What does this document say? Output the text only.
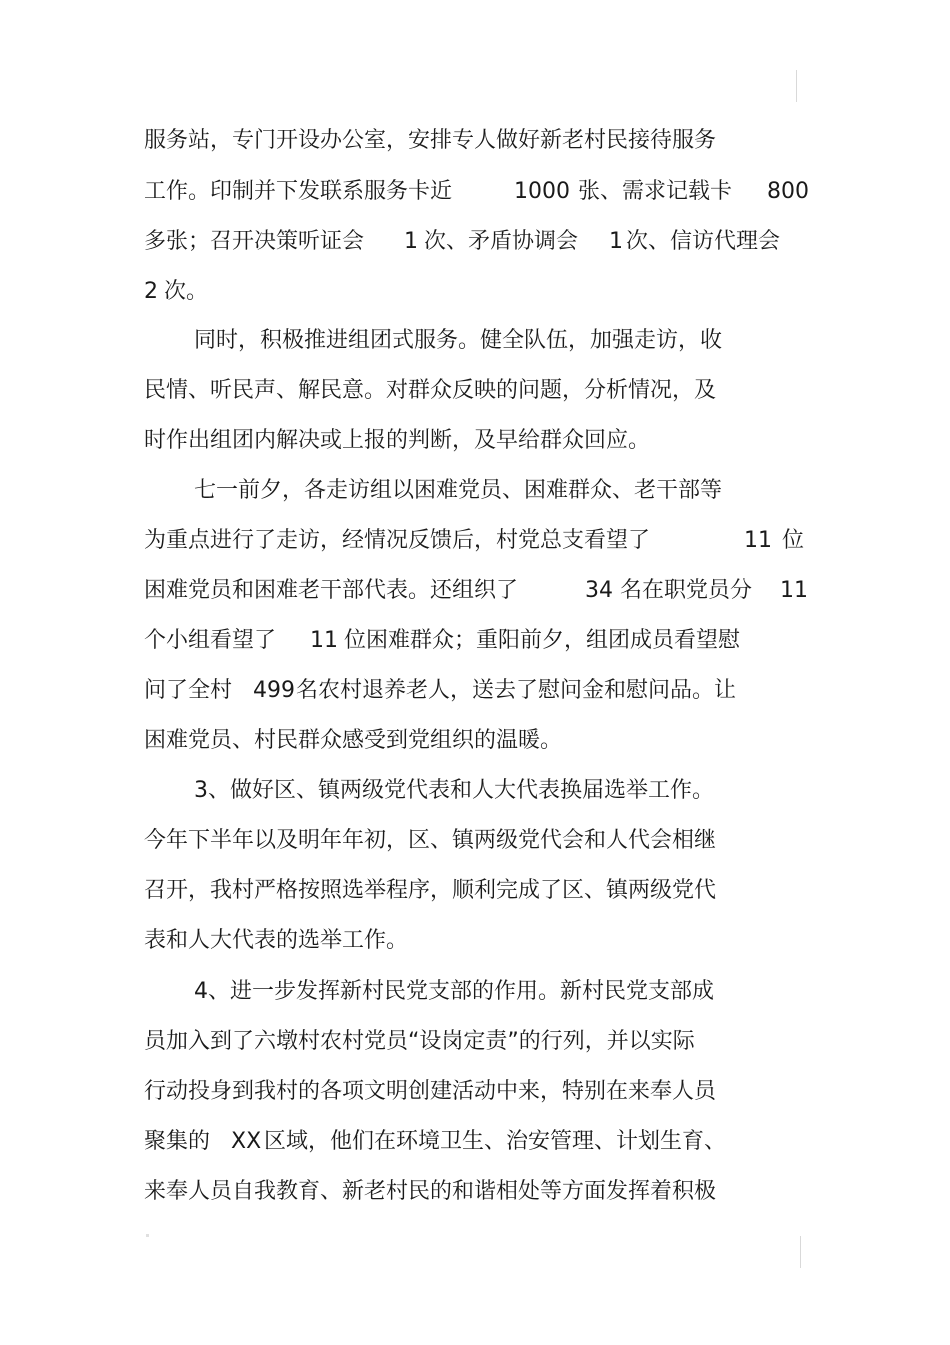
服务站，专门开设办公室，安排专人做好新老村民接待服务
工作。印制并下发联系服务卡近	1000 张、需求记载卡 800
多张；召开决策听证会 1 次、矛盾协调会 1 次、信访代理会
2 次。
同时，积极推进组团式服务。健全队伍，加强走访，收
民情、听民声、解民意。对群众反映的问题，分析情况，及
时作出组团内解决或上报的判断，及早给群众回应。
七一前夕，各走访组以困难党员、困难群众、老干部等
为重点进行了走访，经情况反馈后，村党总支看望了	11 位
困难党员和困难老干部代表。还组织了	34 名在职党员分 11
个小组看望了 11 位困难群众；重阳前夕，组团成员看望慰
问了全村 499 名农村退养老人，送去了慰问金和慰问品。让
困难党员、村民群众感受到党组织的温暖。
3、做好区、镇两级党代表和人大代表换届选举工作。
今年下半年以及明年年初，区、镇两级党代会和人代会相继
召开，我村严格按照选举程序，顺利完成了区、镇两级党代
表和人大代表的选举工作。
4、进一步发挥新村民党支部的作用。新村民党支部成
员加入到了六墩村农村党员“设岗定责”的行列，并以实际
行动投身到我村的各项文明创建活动中来，特别在来奉人员
聚集的 XX 区域，他们在环境卫生、治安管理、计划生育、
来奉人员自我教育、新老村民的和谐相处等方面发挥着积极
